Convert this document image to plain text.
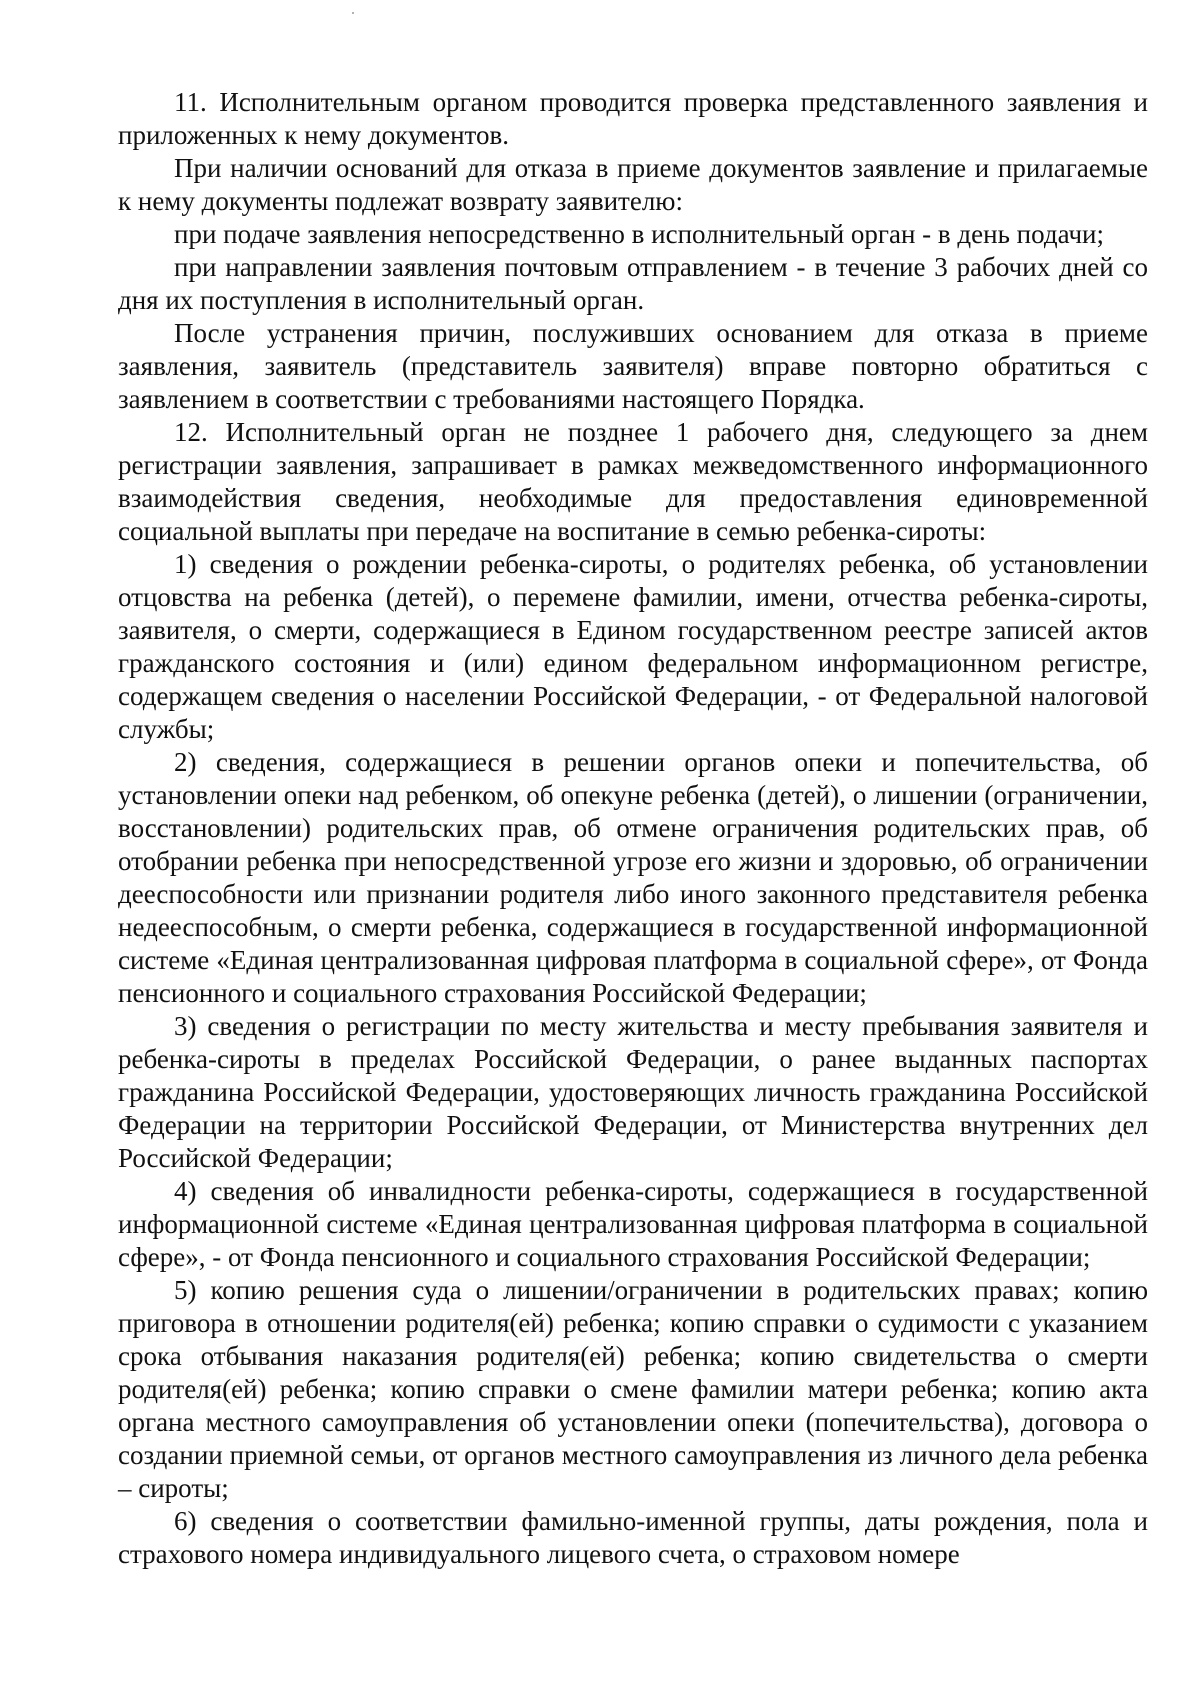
11. Исполнительным органом проводится проверка представленного заявления и приложенных к нему документов.

При наличии оснований для отказа в приеме документов заявление и прилагаемые к нему документы подлежат возврату заявителю:

при подаче заявления непосредственно в исполнительный орган - в день подачи;

при направлении заявления почтовым отправлением - в течение 3 рабочих дней со дня их поступления в исполнительный орган.

После устранения причин, послуживших основанием для отказа в приеме заявления, заявитель (представитель заявителя) вправе повторно обратиться с заявлением в соответствии с требованиями настоящего Порядка.

12. Исполнительный орган не позднее 1 рабочего дня, следующего за днем регистрации заявления, запрашивает в рамках межведомственного информационного взаимодействия сведения, необходимые для предоставления единовременной социальной выплаты при передаче на воспитание в семью ребенка-сироты:

1) сведения о рождении ребенка-сироты, о родителях ребенка, об установлении отцовства на ребенка (детей), о перемене фамилии, имени, отчества ребенка-сироты, заявителя, о смерти, содержащиеся в Едином государственном реестре записей актов гражданского состояния и (или) едином федеральном информационном регистре, содержащем сведения о населении Российской Федерации, - от Федеральной налоговой службы;

2) сведения, содержащиеся в решении органов опеки и попечительства, об установлении опеки над ребенком, об опекуне ребенка (детей), о лишении (ограничении, восстановлении) родительских прав, об отмене ограничения родительских прав, об отобрании ребенка при непосредственной угрозе его жизни и здоровью, об ограничении дееспособности или признании родителя либо иного законного представителя ребенка недееспособным, о смерти ребенка, содержащиеся в государственной информационной системе «Единая централизованная цифровая платформа в социальной сфере», от Фонда пенсионного и социального страхования Российской Федерации;

3) сведения о регистрации по месту жительства и месту пребывания заявителя и ребенка-сироты в пределах Российской Федерации, о ранее выданных паспортах гражданина Российской Федерации, удостоверяющих личность гражданина Российской Федерации на территории Российской Федерации, от Министерства внутренних дел Российской Федерации;

4) сведения об инвалидности ребенка-сироты, содержащиеся в государственной информационной системе «Единая централизованная цифровая платформа в социальной сфере», - от Фонда пенсионного и социального страхования Российской Федерации;

5) копию решения суда о лишении/ограничении в родительских правах; копию приговора в отношении родителя(ей) ребенка; копию справки о судимости с указанием срока отбывания наказания родителя(ей) ребенка; копию свидетельства о смерти родителя(ей) ребенка; копию справки о смене фамилии матери ребенка; копию акта органа местного самоуправления об установлении опеки (попечительства), договора о создании приемной семьи, от органов местного самоуправления из личного дела ребенка – сироты;

6) сведения о соответствии фамильно-именной группы, даты рождения, пола и страхового номера индивидуального лицевого счета, о страховом номере
